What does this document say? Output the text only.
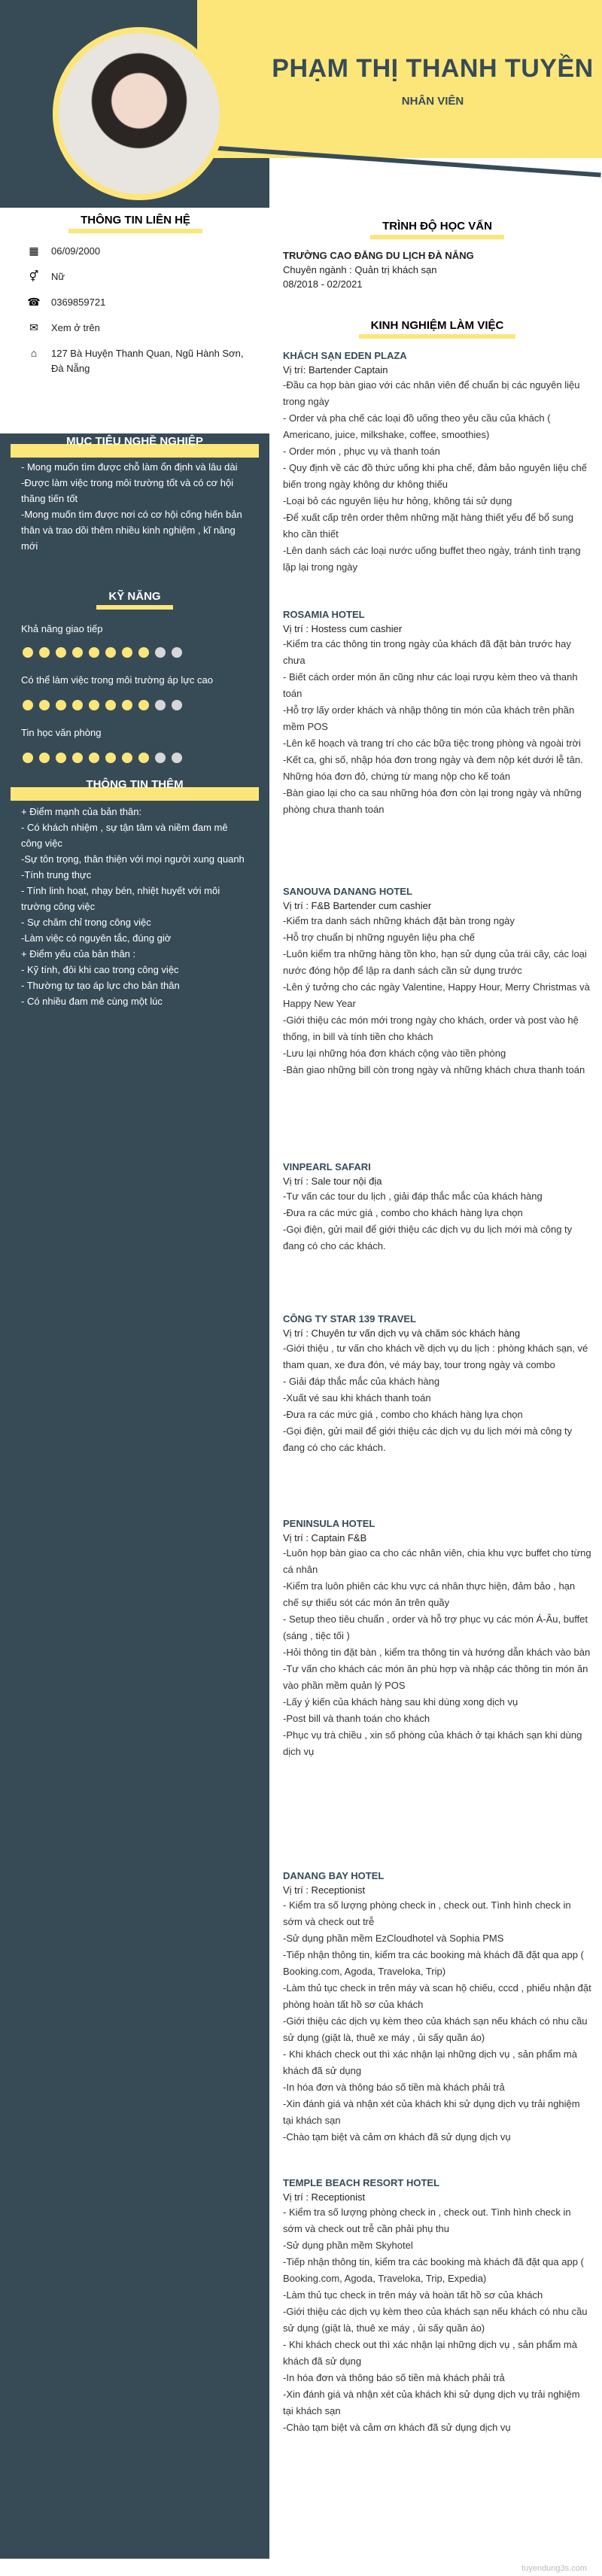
PHẠM THỊ THANH TUYỀN
NHÂN VIÊN
THÔNG TIN LIÊN HỆ
▦ 06/09/2000
⚥ Nữ
☎ 0369859721
✉ Xem ở trên
⌂	127 Bà Huyện Thanh Quan, Ngũ Hành Sơn, Đà Nẵng
MỤC TIÊU NGHỀ NGHIỆP
- Mong muốn tìm được chỗ làm ổn định và lâu dài
-Được làm việc trong môi trường tốt và có cơ hội thăng tiến tốt
-Mong muốn tìm được nơi có cơ hội cống hiến bản thân và trao dồi thêm nhiều kinh nghiệm , kĩ năng mới
KỸ NĂNG
Khả năng giao tiếp
Có thể làm việc trong môi trường áp lực cao
Tin học văn phòng
THÔNG TIN THÊM
+ Điểm mạnh của bản thân:
- Có khách nhiệm , sự tận tâm và niềm đam mê công việc
-Sự tôn trọng, thân thiện với mọi người xung quanh
-Tính trung thực
- Tính linh hoạt, nhạy bén, nhiệt huyết với môi trường công việc
- Sự chăm chỉ trong công việc
-Làm việc có nguyên tắc, đúng giờ
+ Điểm yếu của bản thân :
- Kỹ tính, đôi khi cao trong công việc
- Thường tự tạo áp lực cho bản thân
- Có nhiều đam mê cùng một lúc
TRÌNH ĐỘ HỌC VẤN
TRƯỜNG CAO ĐẲNG DU LỊCH ĐÀ NẴNG
Chuyên ngành : Quản trị khách sạn
08/2018 - 02/2021
KINH NGHIỆM LÀM VIỆC
KHÁCH SẠN EDEN PLAZA
Vị trí: Bartender Captain
-Đầu ca họp bàn giao với các nhân viên để chuẩn bị các nguyên liệu trong ngày
- Order và pha chế các loại đồ uống theo yêu cầu của khách ( Americano, juice, milkshake, coffee, smoothies)
- Order món , phục vụ và thanh toán
- Quy định về các đồ thức uống khi pha chế, đảm bảo nguyên liệu chế biến trong ngày không dư không thiếu
-Loại bỏ các nguyên liệu hư hỏng, không tái sử dụng
-Để xuất cấp trên order thêm những mặt hàng thiết yếu để bổ sung kho cần thiết
-Lên danh sách các loại nước uống buffet theo ngày, tránh tình trạng lặp lại trong ngày
ROSAMIA HOTEL
Vị trí : Hostess cum cashier
-Kiểm tra các thông tin trong ngày của khách đã đặt bàn trước hay chưa
- Biết cách order món ăn cũng như các loại rượu kèm theo và thanh toán
-Hỗ trợ lấy order khách và nhập thông tin món của khách trên phần mềm POS
-Lên kế hoạch và trang trí cho các bữa tiệc trong phòng và ngoài trời
-Kết ca, ghi số, nhập hóa đơn trong ngày và đem nộp két dưới lễ tân. Những hóa đơn đỏ, chứng từ mang nộp cho kế toán
-Bàn giao lại cho ca sau những hóa đơn còn lại trong ngày và những phòng chưa thanh toán
SANOUVA DANANG HOTEL
Vị trí : F&B Bartender cum cashier
-Kiểm tra danh sách những khách đặt bàn trong ngày
-Hỗ trợ chuẩn bị những nguyên liệu pha chế
-Luôn kiểm tra những hàng tồn kho, hạn sử dụng của trái cây, các loại nước đóng hộp để lập ra danh sách cần sử dụng trước
-Lên ý tưởng cho các ngày Valentine, Happy Hour, Merry Christmas và Happy New Year
-Giới thiệu các món mới trong ngày cho khách, order và post vào hệ thống, in bill và tính tiền cho khách
-Lưu lại những hóa đơn khách cộng vào tiền phòng
-Bàn giao những bill còn trong ngày và những khách chưa thanh toán
VINPEARL SAFARI
Vị trí : Sale tour nội địa
-Tư vấn các tour du lịch , giải đáp thắc mắc của khách hàng
-Đưa ra các mức giá , combo cho khách hàng lựa chọn
-Gọi điện, gửi mail để giới thiệu các dịch vụ du lịch mới mà công ty đang có cho các khách.
CÔNG TY STAR 139 TRAVEL
Vị trí : Chuyên tư vấn dịch vụ và chăm sóc khách hàng
-Giới thiệu , tư vấn cho khách về dịch vụ du lịch : phòng khách sạn, vé tham quan, xe đưa đón, vé máy bay, tour trong ngày và combo
- Giải đáp thắc mắc của khách hàng
-Xuất vé sau khi khách thanh toán
-Đưa ra các mức giá , combo cho khách hàng lựa chọn
-Gọi điện, gửi mail để giới thiệu các dịch vụ du lịch mới mà công ty đang có cho các khách.
PENINSULA HOTEL
Vị trí : Captain F&B
-Luôn họp bàn giao ca cho các nhân viên, chia khu vực buffet cho từng cá nhân
-Kiểm tra luôn phiên các khu vực cá nhân thực hiện, đảm bảo , hạn chế sự thiếu sót các món ăn trên quầy
- Setup theo tiêu chuẩn , order và hỗ trợ phục vụ các món Á-Âu, buffet (sáng , tiệc tối )
-Hỏi thông tin đặt bàn , kiểm tra thông tin và hướng dẫn khách vào bàn
-Tư vấn cho khách các món ăn phù hợp và nhập các thông tin món ăn vào phần mềm quản lý POS
-Lấy ý kiến của khách hàng sau khi dùng xong dịch vụ
-Post bill và thanh toán cho khách
-Phục vụ trà chiều , xin số phòng của khách ở tại khách sạn khi dùng dịch vụ
DANANG BAY HOTEL
Vị trí : Receptionist
- Kiểm tra số lượng phòng check in , check out. Tình hình check in sớm và check out trễ
-Sử dụng phần mềm EzCloudhotel và Sophia PMS
-Tiếp nhận thông tin, kiểm tra các booking mà khách đã đặt qua app ( Booking.com, Agoda, Traveloka, Trip)
-Làm thủ tục check in trên máy và scan hộ chiếu, cccd , phiếu nhận đặt phòng hoàn tất hồ sơ của khách
-Giới thiệu các dịch vụ kèm theo của khách sạn nếu khách có nhu cầu sử dụng (giặt là, thuê xe máy , ủi sấy quần áo)
- Khi khách check out thì xác nhận lại những dịch vụ , sản phẩm mà khách đã sử dụng
-In hóa đơn và thông báo số tiền mà khách phải trả
-Xin đánh giá và nhận xét của khách khi sử dụng dịch vụ trải nghiệm tại khách sạn
-Chào tạm biệt và cảm ơn khách đã sử dụng dịch vụ
TEMPLE BEACH RESORT HOTEL
Vị trí : Receptionist
- Kiểm tra số lượng phòng check in , check out. Tình hình check in sớm và check out trễ cần phải phụ thu
-Sử dụng phần mềm Skyhotel
-Tiếp nhận thông tin, kiểm tra các booking mà khách đã đặt qua app ( Booking.com, Agoda, Traveloka, Trip, Expedia)
-Làm thủ tục check in trên máy và hoàn tất hồ sơ của khách
-Giới thiệu các dịch vụ kèm theo của khách sạn nếu khách có nhu cầu sử dụng (giặt là, thuê xe máy , ủi sấy quần áo)
- Khi khách check out thì xác nhận lại những dịch vụ , sản phẩm mà khách đã sử dụng
-In hóa đơn và thông báo số tiền mà khách phải trả
-Xin đánh giá và nhận xét của khách khi sử dụng dịch vụ trải nghiệm tại khách sạn
-Chào tạm biệt và cảm ơn khách đã sử dụng dịch vụ
tuyendung3s.com
